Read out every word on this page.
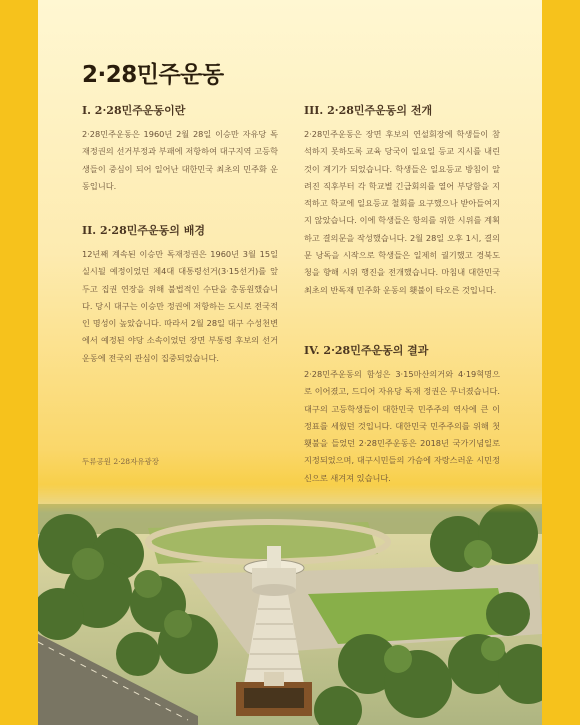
2·28민주운동
I. 2·28민주운동이란

2·28민주운동은 1960년 2월 28일 이승만 자유당 독재정권의 선거부정과 부패에 저항하여 대구지역 고등학생들이 중심이 되어 일어난 대한민국 최초의 민주화 운동입니다.

II. 2·28민주운동의 배경

12년째 계속된 이승만 독재정권은 1960년 3월 15일 실시될 예정이었던 제4대 대통령선거(3·15선거)를 앞두고 집권 연장을 위해 불법적인 수단을 총동원했습니다. 당시 대구는 이승만 정권에 저항하는 도시로 전국적인 명성이 높았습니다. 따라서 2월 28일 대구 수성천변에서 예정된 야당 소속이었던 장면 부통령 후보의 선거운동에 전국의 관심이 집중되었습니다.

III. 2·28민주운동의 전개

2·28민주운동은 장면 후보의 연설회장에 학생들이 참석하지 못하도록 교육 당국이 일요일 등교 지시를 내린 것이 계기가 되었습니다. 학생들은 일요등교 방침이 알려진 직후부터 각 학교별 긴급회의를 열어 부당함을 지적하고 학교에 일요등교 철회를 요구했으나 받아들여지지 않았습니다. 이에 학생들은 항의를 위한 시위를 계획하고 결의문을 작성했습니다. 2월 28일 오후 1시, 결의문 낭독을 시작으로 학생들은 일제히 궐기했고 경북도청을 향해 시위 행진을 전개했습니다. 마침내 대한민국 최초의 반독재 민주화 운동의 횃불이 타오른 것입니다.

IV. 2·28민주운동의 결과

2·28민주운동의 함성은 3·15마산의거와 4·19혁명으로 이어졌고, 드디어 자유당 독재 정권은 무너졌습니다. 대구의 고등학생들이 대한민국 민주주의 역사에 큰 이정표를 세웠던 것입니다. 대한민국 민주주의를 위해 첫 횃불을 들었던 2·28민주운동은 2018년 국가기념일로 지정되었으며, 대구시민들의 가슴에 자랑스러운 시민정신으로 새겨져 있습니다.

두류공원 2·28자유광장
